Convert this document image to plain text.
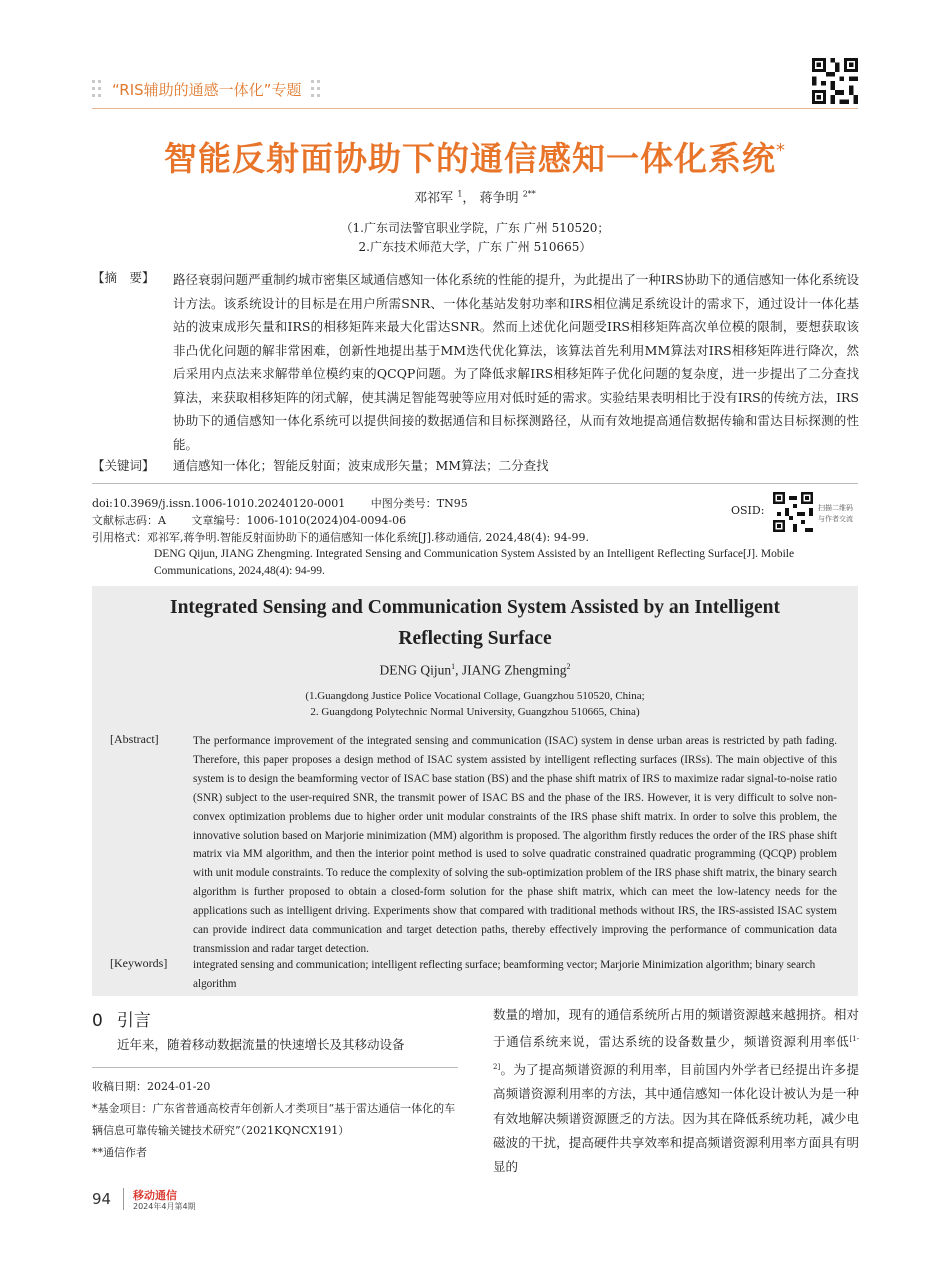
“RIS辅助的通感一体化”专题
智能反射面协助下的通信感知一体化系统*
邓祁军 $^1$， 蒋争明 $^{2**}$
（1.广东司法警官职业学院，广东 广州 510520；
2.广东技术师范大学，广东 广州 510665）
【摘　要】 路径衰弱问题严重制约城市密集区域通信感知一体化系统的性能的提升，为此提出了一种IRS协助下的通信感知一体化系统设计方法。该系统设计的目标是在用户所需SNR、一体化基站发射功率和IRS相位满足系统设计的需求下，通过设计一体化基站的波束成形矢量和IRS的相移矩阵来最大化雷达SNR。然而上述优化问题受IRS相移矩阵高次单位模的限制，要想获取该非凸优化问题的解非常困难，创新性地提出基于MM迭代优化算法，该算法首先利用MM算法对IRS相移矩阵进行降次，然后采用内点法来求解带单位模约束的QCQP问题。为了降低求解IRS相移矩阵子优化问题的复杂度，进一步提出了二分查找算法，来获取相移矩阵的闭式解，使其满足智能驾驶等应用对低时延的需求。实验结果表明相比于没有IRS的传统方法，IRS协助下的通信感知一体化系统可以提供间接的数据通信和目标探测路径，从而有效地提高通信数据传输和雷达目标探测的性能。
【关键词】 通信感知一体化；智能反射面；波束成形矢量；MM算法；二分查找
doi:10.3969/j.issn.1006-1010.20240120-0001　　 中图分类号：TN95
文献标志码：A　　 文章编号：1006-1010(2024)04-0094-06
引用格式：邓祁军,蒋争明.智能反射面协助下的通信感知一体化系统[J].移动通信, 2024,48(4): 94-99.
DENG Qijun, JIANG Zhengming. Integrated Sensing and Communication System Assisted by an Intelligent Reflecting Surface[J]. Mobile Communications, 2024,48(4): 94-99.
OSID:	扫描二维码
与作者交流
Integrated Sensing and Communication System Assisted by an Intelligent Reflecting Surface
DENG Qijun$^1$, JIANG Zhengming$^2$
(1.Guangdong Justice Police Vocational Collage, Guangzhou 510520, China;
2. Guangdong Polytechnic Normal University, Guangzhou 510665, China)
[Abstract]	The performance improvement of the integrated sensing and communication (ISAC) system in dense urban areas is restricted by path fading. Therefore, this paper proposes a design method of ISAC system assisted by intelligent reflecting surfaces (IRSs). The main objective of this system is to design the beamforming vector of ISAC base station (BS) and the phase shift matrix of IRS to maximize radar signal-to-noise ratio (SNR) subject to the user-required SNR, the transmit power of ISAC BS and the phase of the IRS. However, it is very difficult to solve non-convex optimization problems due to higher order unit modular constraints of the IRS phase shift matrix. In order to solve this problem, the innovative solution based on Marjorie minimization (MM) algorithm is proposed. The algorithm firstly reduces the order of the IRS phase shift matrix via MM algorithm, and then the interior point method is used to solve quadratic constrained quadratic programming (QCQP) problem with unit module constraints. To reduce the complexity of solving the sub-optimization problem of the IRS phase shift matrix, the binary search algorithm is further proposed to obtain a closed-form solution for the phase shift matrix, which can meet the low-latency needs for the applications such as intelligent driving. Experiments show that compared with traditional methods without IRS, the IRS-assisted ISAC system can provide indirect data communication and target detection paths, thereby effectively improving the performance of communication data transmission and radar target detection.
[Keywords] integrated sensing and communication; intelligent reflecting surface; beamforming vector; Marjorie Minimization algorithm; binary search algorithm
0 引言
近年来，随着移动数据流量的快速增长及其移动设备
收稿日期：2024-01-20
*基金项目：广东省普通高校青年创新人才类项目“基于雷达通信一体化的车辆信息可靠传输关键技术研究”（2021KQNCX191）
**通信作者
数量的增加，现有的通信系统所占用的频谱资源越来越拥挤。相对于通信系统来说，雷达系统的设备数量少，频谱资源利用率低[1-2]。为了提高频谱资源的利用率，目前国内外学者已经提出许多提高频谱资源利用率的方法，其中通信感知一体化设计被认为是一种有效地解决频谱资源匮乏的方法。因为其在降低系统功耗，减少电磁波的干扰，提高硬件共享效率和提高频谱资源利用率方面具有明显的
94 移动通信
2024年4月第4期
